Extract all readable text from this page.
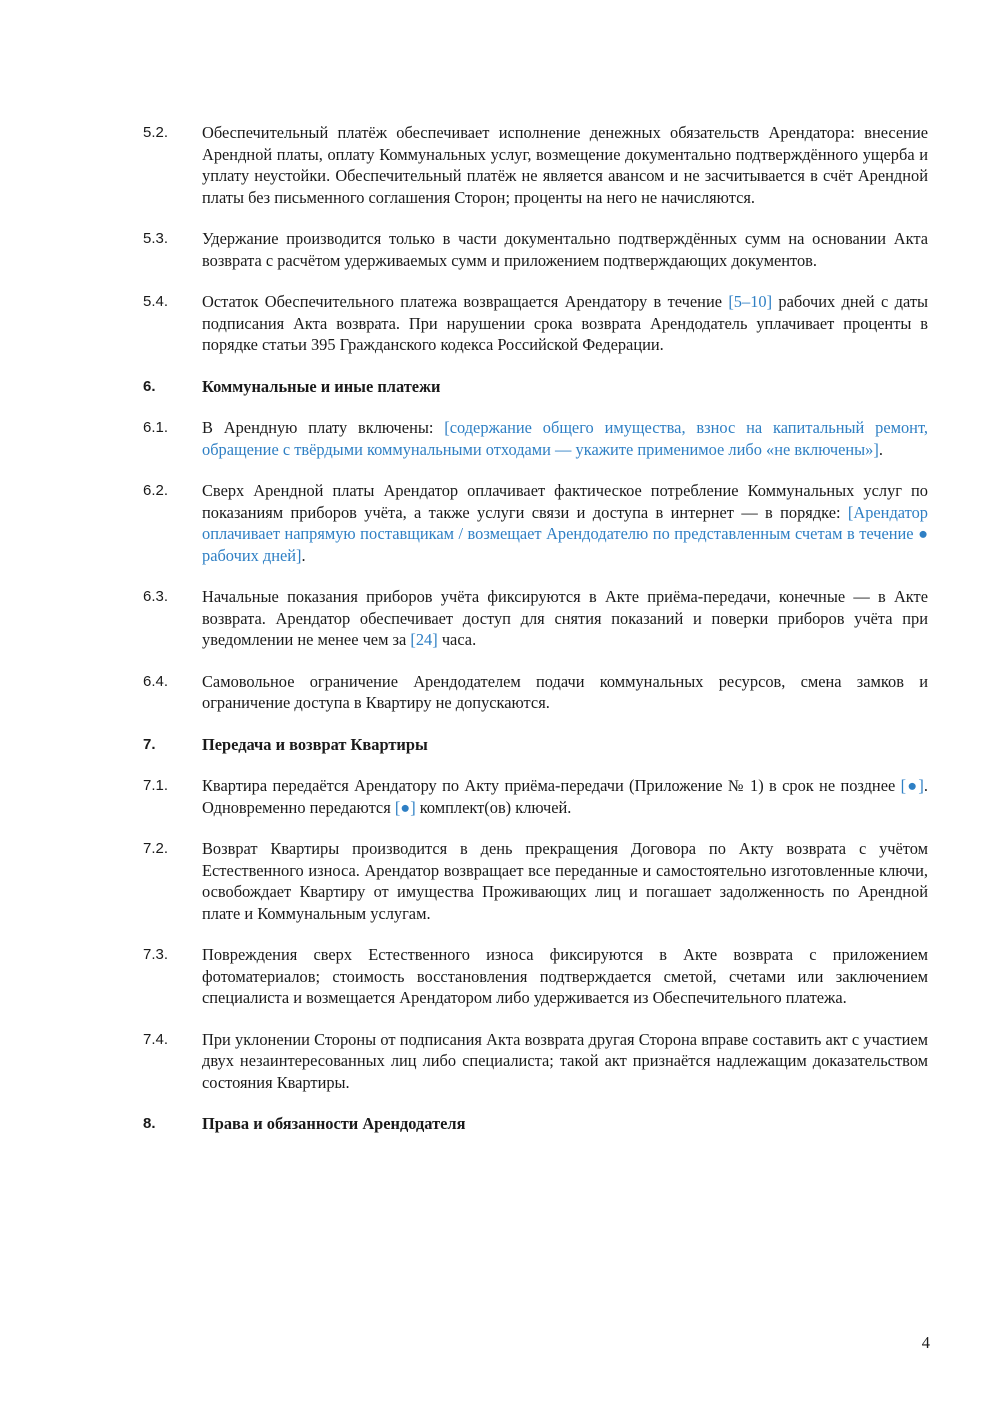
5.2.	Обеспечительный платёж обеспечивает исполнение денежных обязательств Арендатора: внесение Арендной платы, оплату Коммунальных услуг, возмещение документально подтверждённого ущерба и уплату неустойки. Обеспечительный платёж не является авансом и не засчитывается в счёт Арендной платы без письменного соглашения Сторон; проценты на него не начисляются.
5.3.	Удержание производится только в части документально подтверждённых сумм на основании Акта возврата с расчётом удерживаемых сумм и приложением подтверждающих документов.
5.4.	Остаток Обеспечительного платежа возвращается Арендатору в течение [5–10] рабочих дней с даты подписания Акта возврата. При нарушении срока возврата Арендодатель уплачивает проценты в порядке статьи 395 Гражданского кодекса Российской Федерации.
6.	Коммунальные и иные платежи
6.1.	В Арендную плату включены: [содержание общего имущества, взнос на капитальный ремонт, обращение с твёрдыми коммунальными отходами — укажите применимое либо «не включены»].
6.2.	Сверх Арендной платы Арендатор оплачивает фактическое потребление Коммунальных услуг по показаниям приборов учёта, а также услуги связи и доступа в интернет — в порядке: [Арендатор оплачивает напрямую поставщикам / возмещает Арендодателю по представленным счетам в течение ● рабочих дней].
6.3.	Начальные показания приборов учёта фиксируются в Акте приёма-передачи, конечные — в Акте возврата. Арендатор обеспечивает доступ для снятия показаний и поверки приборов учёта при уведомлении не менее чем за [24] часа.
6.4.	Самовольное ограничение Арендодателем подачи коммунальных ресурсов, смена замков и ограничение доступа в Квартиру не допускаются.
7.	Передача и возврат Квартиры
7.1.	Квартира передаётся Арендатору по Акту приёма-передачи (Приложение № 1) в срок не позднее [●]. Одновременно передаются [●] комплект(ов) ключей.
7.2.	Возврат Квартиры производится в день прекращения Договора по Акту возврата с учётом Естественного износа. Арендатор возвращает все переданные и самостоятельно изготовленные ключи, освобождает Квартиру от имущества Проживающих лиц и погашает задолженность по Арендной плате и Коммунальным услугам.
7.3.	Повреждения сверх Естественного износа фиксируются в Акте возврата с приложением фотоматериалов; стоимость восстановления подтверждается сметой, счетами или заключением специалиста и возмещается Арендатором либо удерживается из Обеспечительного платежа.
7.4.	При уклонении Стороны от подписания Акта возврата другая Сторона вправе составить акт с участием двух незаинтересованных лиц либо специалиста; такой акт признаётся надлежащим доказательством состояния Квартиры.
8.	Права и обязанности Арендодателя
4
